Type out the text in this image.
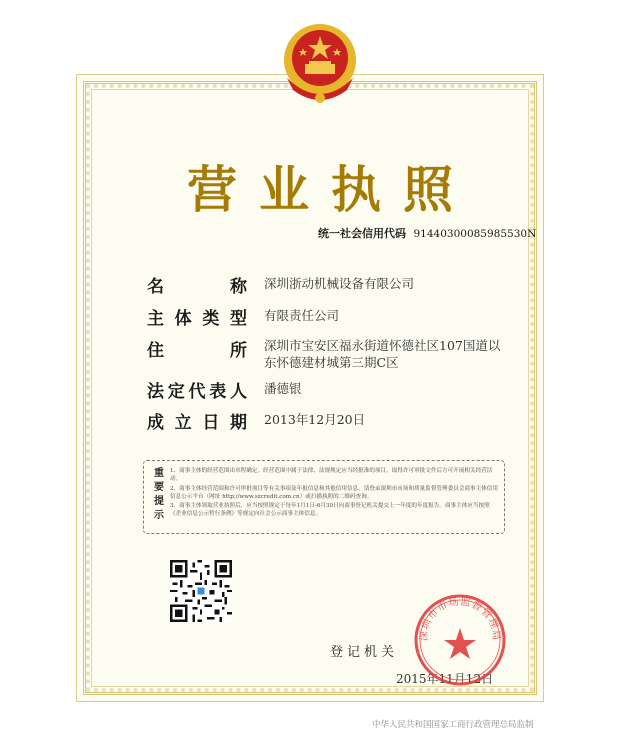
营业执照
统一社会信用代码 91440300085985530N
名	称 深圳浙动机械设备有限公司
主 体 类 型 有限责任公司
住	所 深圳市宝安区福永街道怀德社区107国道以
东怀德建材城第三期C区
法 定 代 表 人 潘德银
成 立 日 期 2013年12月20日
重要提示

1、商事主体的经营范围由章程确定。经营范围中属于法律、法规规定应当经批准的项目，取得许可审批文件后方可开展相关经营活动。

2、商事主体经营范围和许可审批项目等有关事项及年报信息和其他信用信息，请登录深圳市市场和质量监督管理委员会商事主体信用信息公示平台（网址 http://www.szcredit.com.cn）或扫描执照的二维码查询。

3、商事主体领取营业执照后，应当按照规定于每年1月1日-6月30日向商事登记机关提交上一年度的年度报告。商事主体应当按照《企业信息公示暂行条例》等规定向社会公示商事主体信息。

登记机关
2015年11月12日
深圳市市场监督管理局
中华人民共和国国家工商行政管理总局监制
